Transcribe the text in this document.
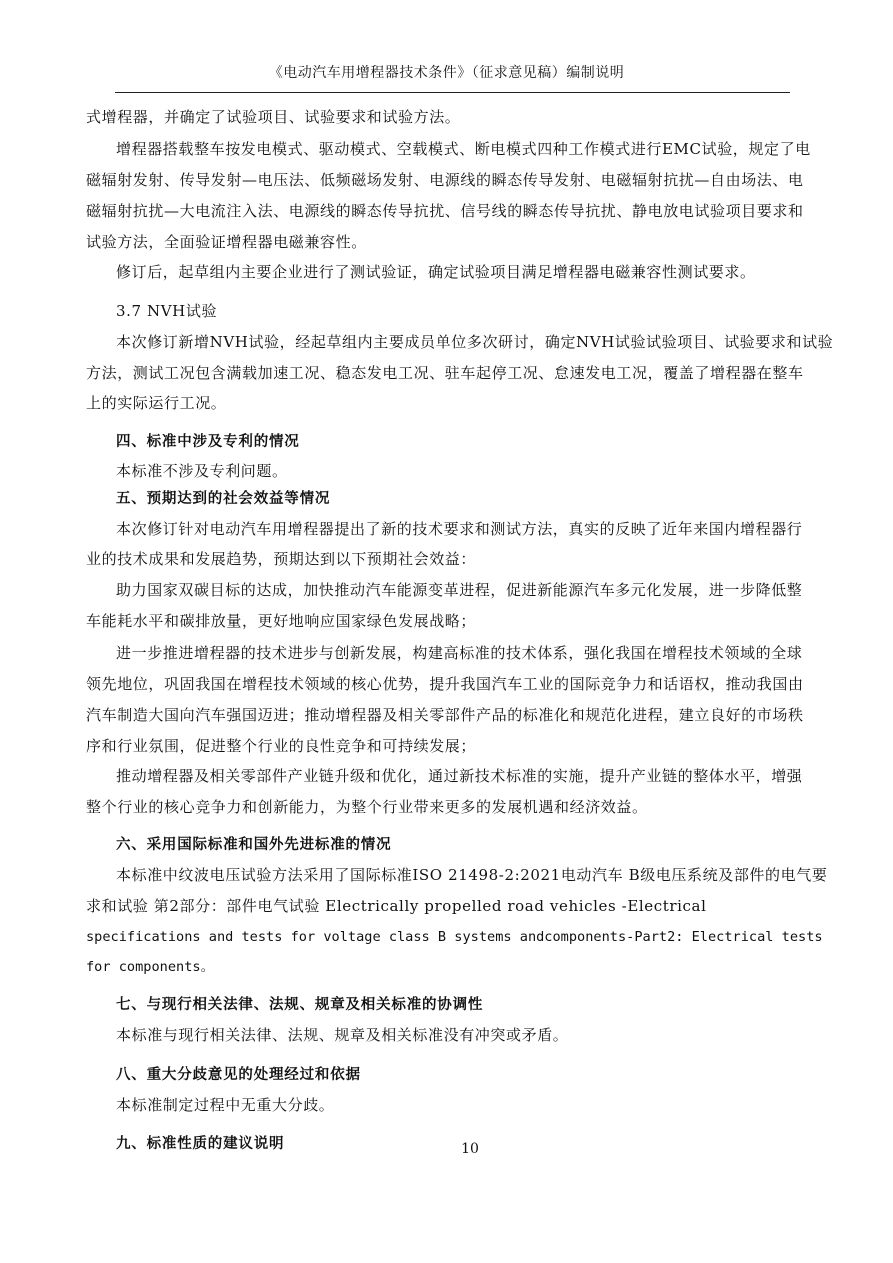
《电动汽车用增程器技术条件》（征求意见稿）编制说明
式增程器，并确定了试验项目、试验要求和试验方法。
增程器搭载整车按发电模式、驱动模式、空载模式、断电模式四种工作模式进行EMC试验，规定了电
磁辐射发射、传导发射—电压法、低频磁场发射、电源线的瞬态传导发射、电磁辐射抗扰—自由场法、电
磁辐射抗扰—大电流注入法、电源线的瞬态传导抗扰、信号线的瞬态传导抗扰、静电放电试验项目要求和
试验方法，全面验证增程器电磁兼容性。
修订后，起草组内主要企业进行了测试验证，确定试验项目满足增程器电磁兼容性测试要求。
3.7 NVH试验
本次修订新增NVH试验，经起草组内主要成员单位多次研讨，确定NVH试验试验项目、试验要求和试验
方法，测试工况包含满载加速工况、稳态发电工况、驻车起停工况、怠速发电工况，覆盖了增程器在整车
上的实际运行工况。
四、标准中涉及专利的情况
本标准不涉及专利问题。
五、预期达到的社会效益等情况
本次修订针对电动汽车用增程器提出了新的技术要求和测试方法，真实的反映了近年来国内增程器行
业的技术成果和发展趋势，预期达到以下预期社会效益：
助力国家双碳目标的达成，加快推动汽车能源变革进程，促进新能源汽车多元化发展，进一步降低整
车能耗水平和碳排放量，更好地响应国家绿色发展战略；
进一步推进增程器的技术进步与创新发展，构建高标准的技术体系，强化我国在增程技术领域的全球
领先地位，巩固我国在增程技术领域的核心优势，提升我国汽车工业的国际竞争力和话语权，推动我国由
汽车制造大国向汽车强国迈进；推动增程器及相关零部件产品的标准化和规范化进程，建立良好的市场秩
序和行业氛围，促进整个行业的良性竞争和可持续发展；
推动增程器及相关零部件产业链升级和优化，通过新技术标准的实施，提升产业链的整体水平，增强
整个行业的核心竞争力和创新能力，为整个行业带来更多的发展机遇和经济效益。
六、采用国际标准和国外先进标准的情况
本标准中纹波电压试验方法采用了国际标准ISO 21498-2:2021电动汽车 B级电压系统及部件的电气要
求和试验 第2部分：部件电气试验 Electrically propelled road vehicles -Electrical
specifications and tests for voltage class B systems andcomponents-Part2: Electrical tests
for components。
七、与现行相关法律、法规、规章及相关标准的协调性
本标准与现行相关法律、法规、规章及相关标准没有冲突或矛盾。
八、重大分歧意见的处理经过和依据
本标准制定过程中无重大分歧。
九、标准性质的建议说明	10
